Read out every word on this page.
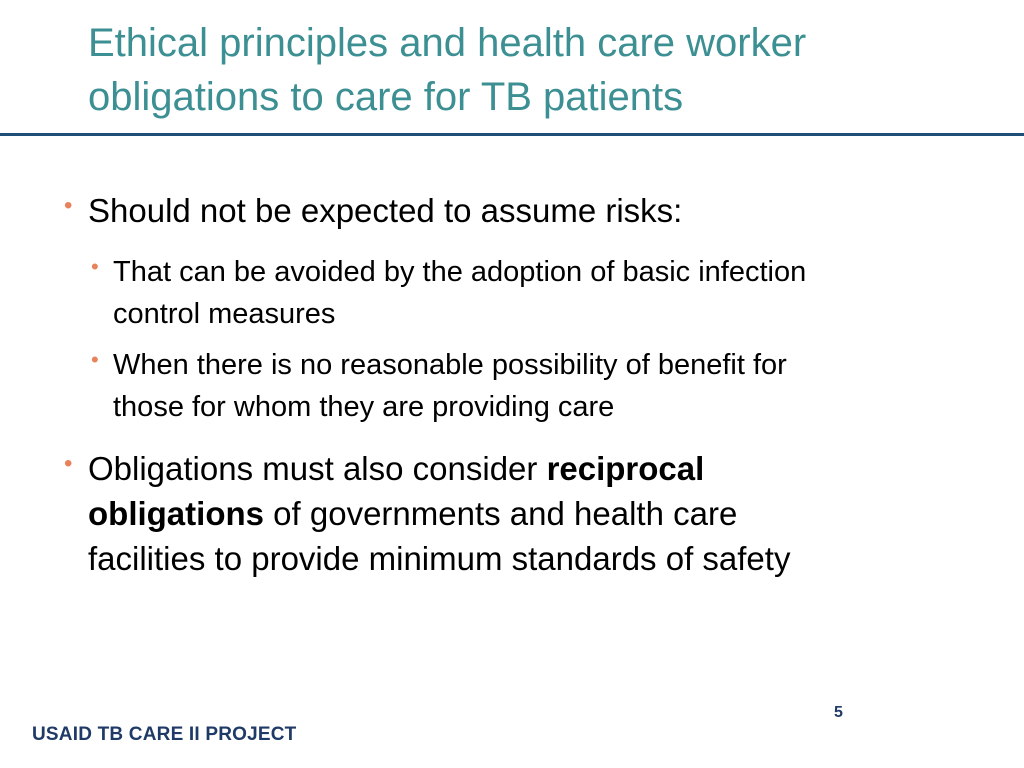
Ethical principles and health care worker
obligations to care for TB patients
• Should not be expected to assume risks:
• That can be avoided by the adoption of basic infection
control measures
• When there is no reasonable possibility of benefit for
those for whom they are providing care
• Obligations must also consider reciprocal
obligations of governments and health care
facilities to provide minimum standards of safety
5
USAID TB CARE II PROJECT
